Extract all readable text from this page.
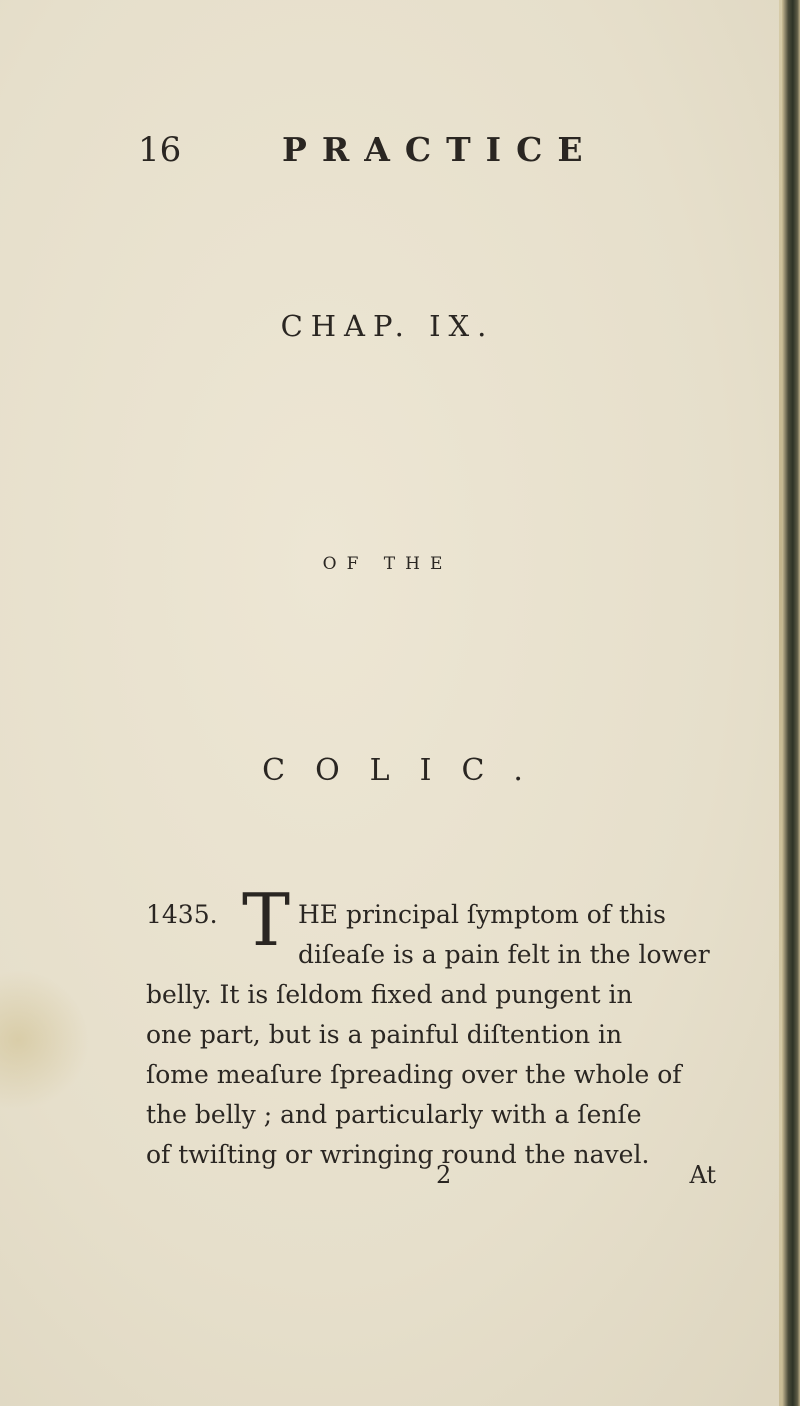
16	PRACTICE
CHAP. IX.
OF THE
COLIC.
1435. T HE principal ſymptom of this
diſeaſe is a pain felt in the lower
belly. It is ſeldom fixed and pungent in
one part, but is a painful diſtention in
ſome meaſure ſpreading over the whole of
the belly ; and particularly with a ſenſe
of twiſting or wringing round the navel.
2	At
